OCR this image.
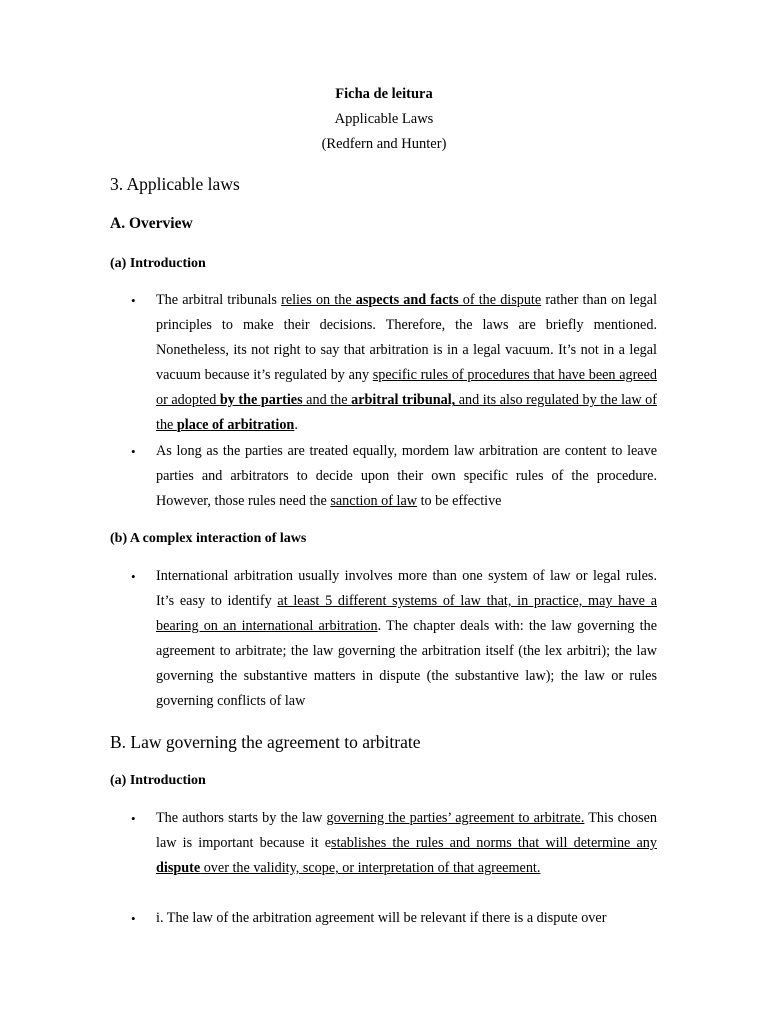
Ficha de leitura
Applicable Laws
(Redfern and Hunter)
3. Applicable laws
A. Overview
(a) Introduction
• The arbitral tribunals relies on the aspects and facts of the dispute rather than on legal principles to make their decisions. Therefore, the laws are briefly mentioned. Nonetheless, its not right to say that arbitration is in a legal vacuum. It’s not in a legal vacuum because it’s regulated by any specific rules of procedures that have been agreed or adopted by the parties and the arbitral tribunal, and its also regulated by the law of the place of arbitration.

• As long as the parties are treated equally, mordem law arbitration are content to leave parties and arbitrators to decide upon their own specific rules of the procedure. However, those rules need the sanction of law to be effective

(b) A complex interaction of laws
• International arbitration usually involves more than one system of law or legal rules. It’s easy to identify at least 5 different systems of law that, in practice, may have a bearing on an international arbitration. The chapter deals with: the law governing the agreement to arbitrate; the law governing the arbitration itself (the lex arbitri); the law governing the substantive matters in dispute (the substantive law); the law or rules governing conflicts of law

B. Law governing the agreement to arbitrate
(a) Introduction
• The authors starts by the law governing the parties’ agreement to arbitrate. This chosen law is important because it establishes the rules and norms that will determine any dispute over the validity, scope, or interpretation of that agreement.

• i. The law of the arbitration agreement will be relevant if there is a dispute over
